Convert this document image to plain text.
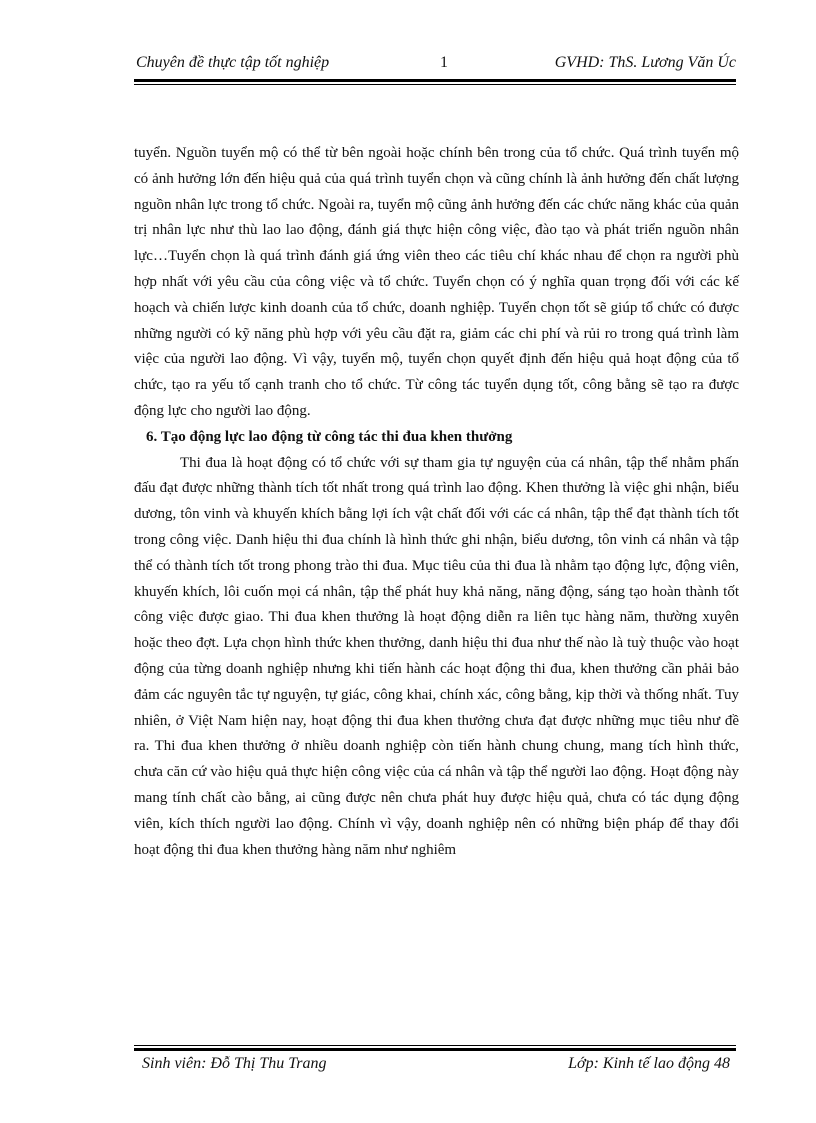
Chuyên đề thực tập tốt nghiệp	1	GVHD: ThS. Lương Văn Úc

tuyển. Nguồn tuyển mộ có thể từ bên ngoài hoặc chính bên trong của tổ chức. Quá trình tuyển mộ có ảnh hưởng lớn đến hiệu quả của quá trình tuyển chọn và cũng chính là ảnh hưởng đến chất lượng nguồn nhân lực trong tổ chức. Ngoài ra, tuyển mộ cũng ảnh hưởng đến các chức năng khác của quản trị nhân lực như thù lao lao động, đánh giá thực hiện công việc, đào tạo và phát triển nguồn nhân lực…Tuyển chọn là quá trình đánh giá ứng viên theo các tiêu chí khác nhau để chọn ra người phù hợp nhất với yêu cầu của công việc và tổ chức. Tuyển chọn có ý nghĩa quan trọng đối với các kế hoạch và chiến lược kinh doanh của tổ chức, doanh nghiệp. Tuyển chọn tốt sẽ giúp tổ chức có được những người có kỹ năng phù hợp với yêu cầu đặt ra, giảm các chi phí và rủi ro trong quá trình làm việc của người lao động. Vì vậy, tuyển mộ, tuyển chọn quyết định đến hiệu quả hoạt động của tổ chức, tạo ra yếu tố cạnh tranh cho tổ chức. Từ công tác tuyển dụng tốt, công bằng sẽ tạo ra được động lực cho người lao động.

6. Tạo động lực lao động từ công tác thi đua khen thưởng

Thi đua là hoạt động có tổ chức với sự tham gia tự nguyện của cá nhân, tập thể nhằm phấn đấu đạt được những thành tích tốt nhất trong quá trình lao động. Khen thưởng là việc ghi nhận, biểu dương, tôn vinh và khuyến khích bằng lợi ích vật chất đối với các cá nhân, tập thể đạt thành tích tốt trong công việc. Danh hiệu thi đua chính là hình thức ghi nhận, biểu dương, tôn vinh cá nhân và tập thể có thành tích tốt trong phong trào thi đua. Mục tiêu của thi đua là nhằm tạo động lực, động viên, khuyến khích, lôi cuốn mọi cá nhân, tập thể phát huy khả năng, năng động, sáng tạo hoàn thành tốt công việc được giao. Thi đua khen thưởng là hoạt động diễn ra liên tục hàng năm, thường xuyên hoặc theo đợt. Lựa chọn hình thức khen thưởng, danh hiệu thi đua như thế nào là tuỳ thuộc vào hoạt động của từng doanh nghiệp nhưng khi tiến hành các hoạt động thi đua, khen thưởng cần phải bảo đảm các nguyên tắc tự nguyện, tự giác, công khai, chính xác, công bằng, kịp thời và thống nhất. Tuy nhiên, ở Việt Nam hiện nay, hoạt động thi đua khen thưởng chưa đạt được những mục tiêu như đề ra. Thi đua khen thưởng ở nhiều doanh nghiệp còn tiến hành chung chung, mang tích hình thức, chưa căn cứ vào hiệu quả thực hiện công việc của cá nhân và tập thể người lao động. Hoạt động này mang tính chất cào bằng, ai cũng được nên chưa phát huy được hiệu quả, chưa có tác dụng động viên, kích thích người lao động. Chính vì vậy, doanh nghiệp nên có những biện pháp để thay đổi hoạt động thi đua khen thưởng hàng năm như nghiêm

Sinh viên: Đỗ Thị Thu Trang	Lớp: Kinh tế lao động 48
